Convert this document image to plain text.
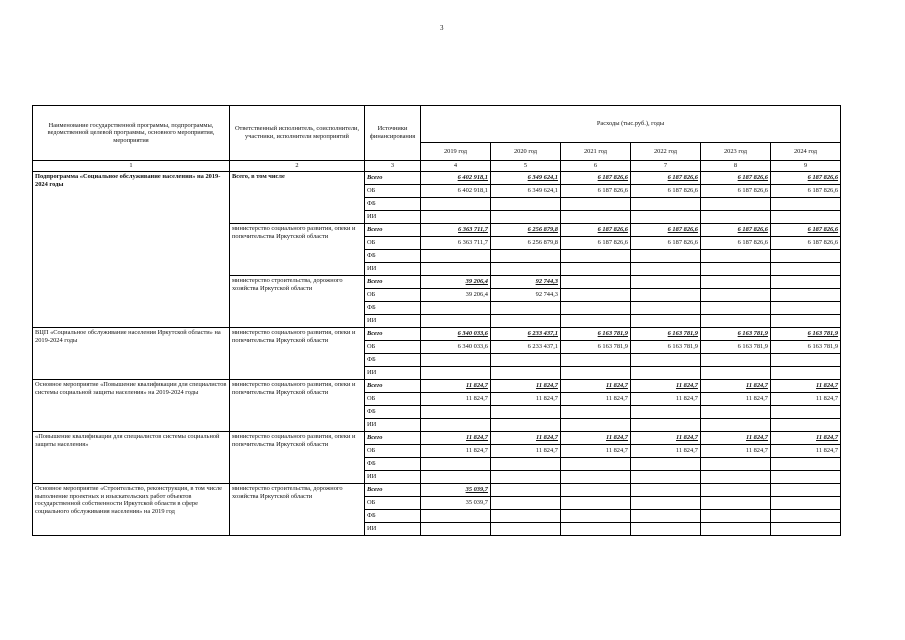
3
Наименование государственной программы, подпрограммы, ведомственной целевой программы, основного мероприятия, мероприятия	Ответственный исполнитель, соисполнители, участники, исполнители мероприятий	Источники финансирования	Расходы (тыс.руб.), годы					
			2019 год	2020 год	2021 год	2022 год	2023 год	2024 год
1	2	3	4	5	6	7	8	9
Подпрограмма «Социальное обслуживание населения» на 2019-2024 годы	Всего, в том числе	Всего	6 402 918,1	6 349 624,1	6 187 826,6	6 187 826,6	6 187 826,6	6 187 826,6
		ОБ	6 402 918,1	6 349 624,1	6 187 826,6	6 187 826,6	6 187 826,6	6 187 826,6
		ФБ						
		ИИ						
	министерство социального развития, опеки и попечительства Иркутской области	Всего	6 363 711,7	6 256 879,8	6 187 826,6	6 187 826,6	6 187 826,6	6 187 826,6
		ОБ	6 363 711,7	6 256 879,8	6 187 826,6	6 187 826,6	6 187 826,6	6 187 826,6
		ФБ						
		ИИ						
	министерство строительства, дорожного хозяйства Иркутской области	Всего	39 206,4	92 744,3				
		ОБ	39 206,4	92 744,3				
		ФБ						
		ИИ						
ВЦП «Социальное обслуживание населения Иркутской области» на 2019-2024 годы	министерство социального развития, опеки и попечительства Иркутской области	Всего	6 340 033,6	6 233 437,1	6 163 781,9	6 163 781,9	6 163 781,9	6 163 781,9
		ОБ	6 340 033,6	6 233 437,1	6 163 781,9	6 163 781,9	6 163 781,9	6 163 781,9
		ФБ						
		ИИ						
Основное мероприятие «Повышение квалификации для специалистов системы социальной защиты населения» на 2019-2024 годы	министерство социального развития, опеки и попечительства Иркутской области	Всего	11 824,7	11 824,7	11 824,7	11 824,7	11 824,7	11 824,7
		ОБ	11 824,7	11 824,7	11 824,7	11 824,7	11 824,7	11 824,7
		ФБ						
		ИИ						
«Повышение квалификации для специалистов системы социальной защиты населения»	министерство социального развития, опеки и попечительства Иркутской области	Всего	11 824,7	11 824,7	11 824,7	11 824,7	11 824,7	11 824,7
		ОБ	11 824,7	11 824,7	11 824,7	11 824,7	11 824,7	11 824,7
		ФБ						
		ИИ						
Основное мероприятие «Строительство, реконструкция, в том числе выполнение проектных и изыскательских работ объектов государственной собственности Иркутской области в сфере социального обслуживания населения» на 2019 год	министерство строительства, дорожного хозяйства Иркутской области	Всего	35 039,7					
		ОБ	35 039,7					
		ФБ						
		ИИ						
